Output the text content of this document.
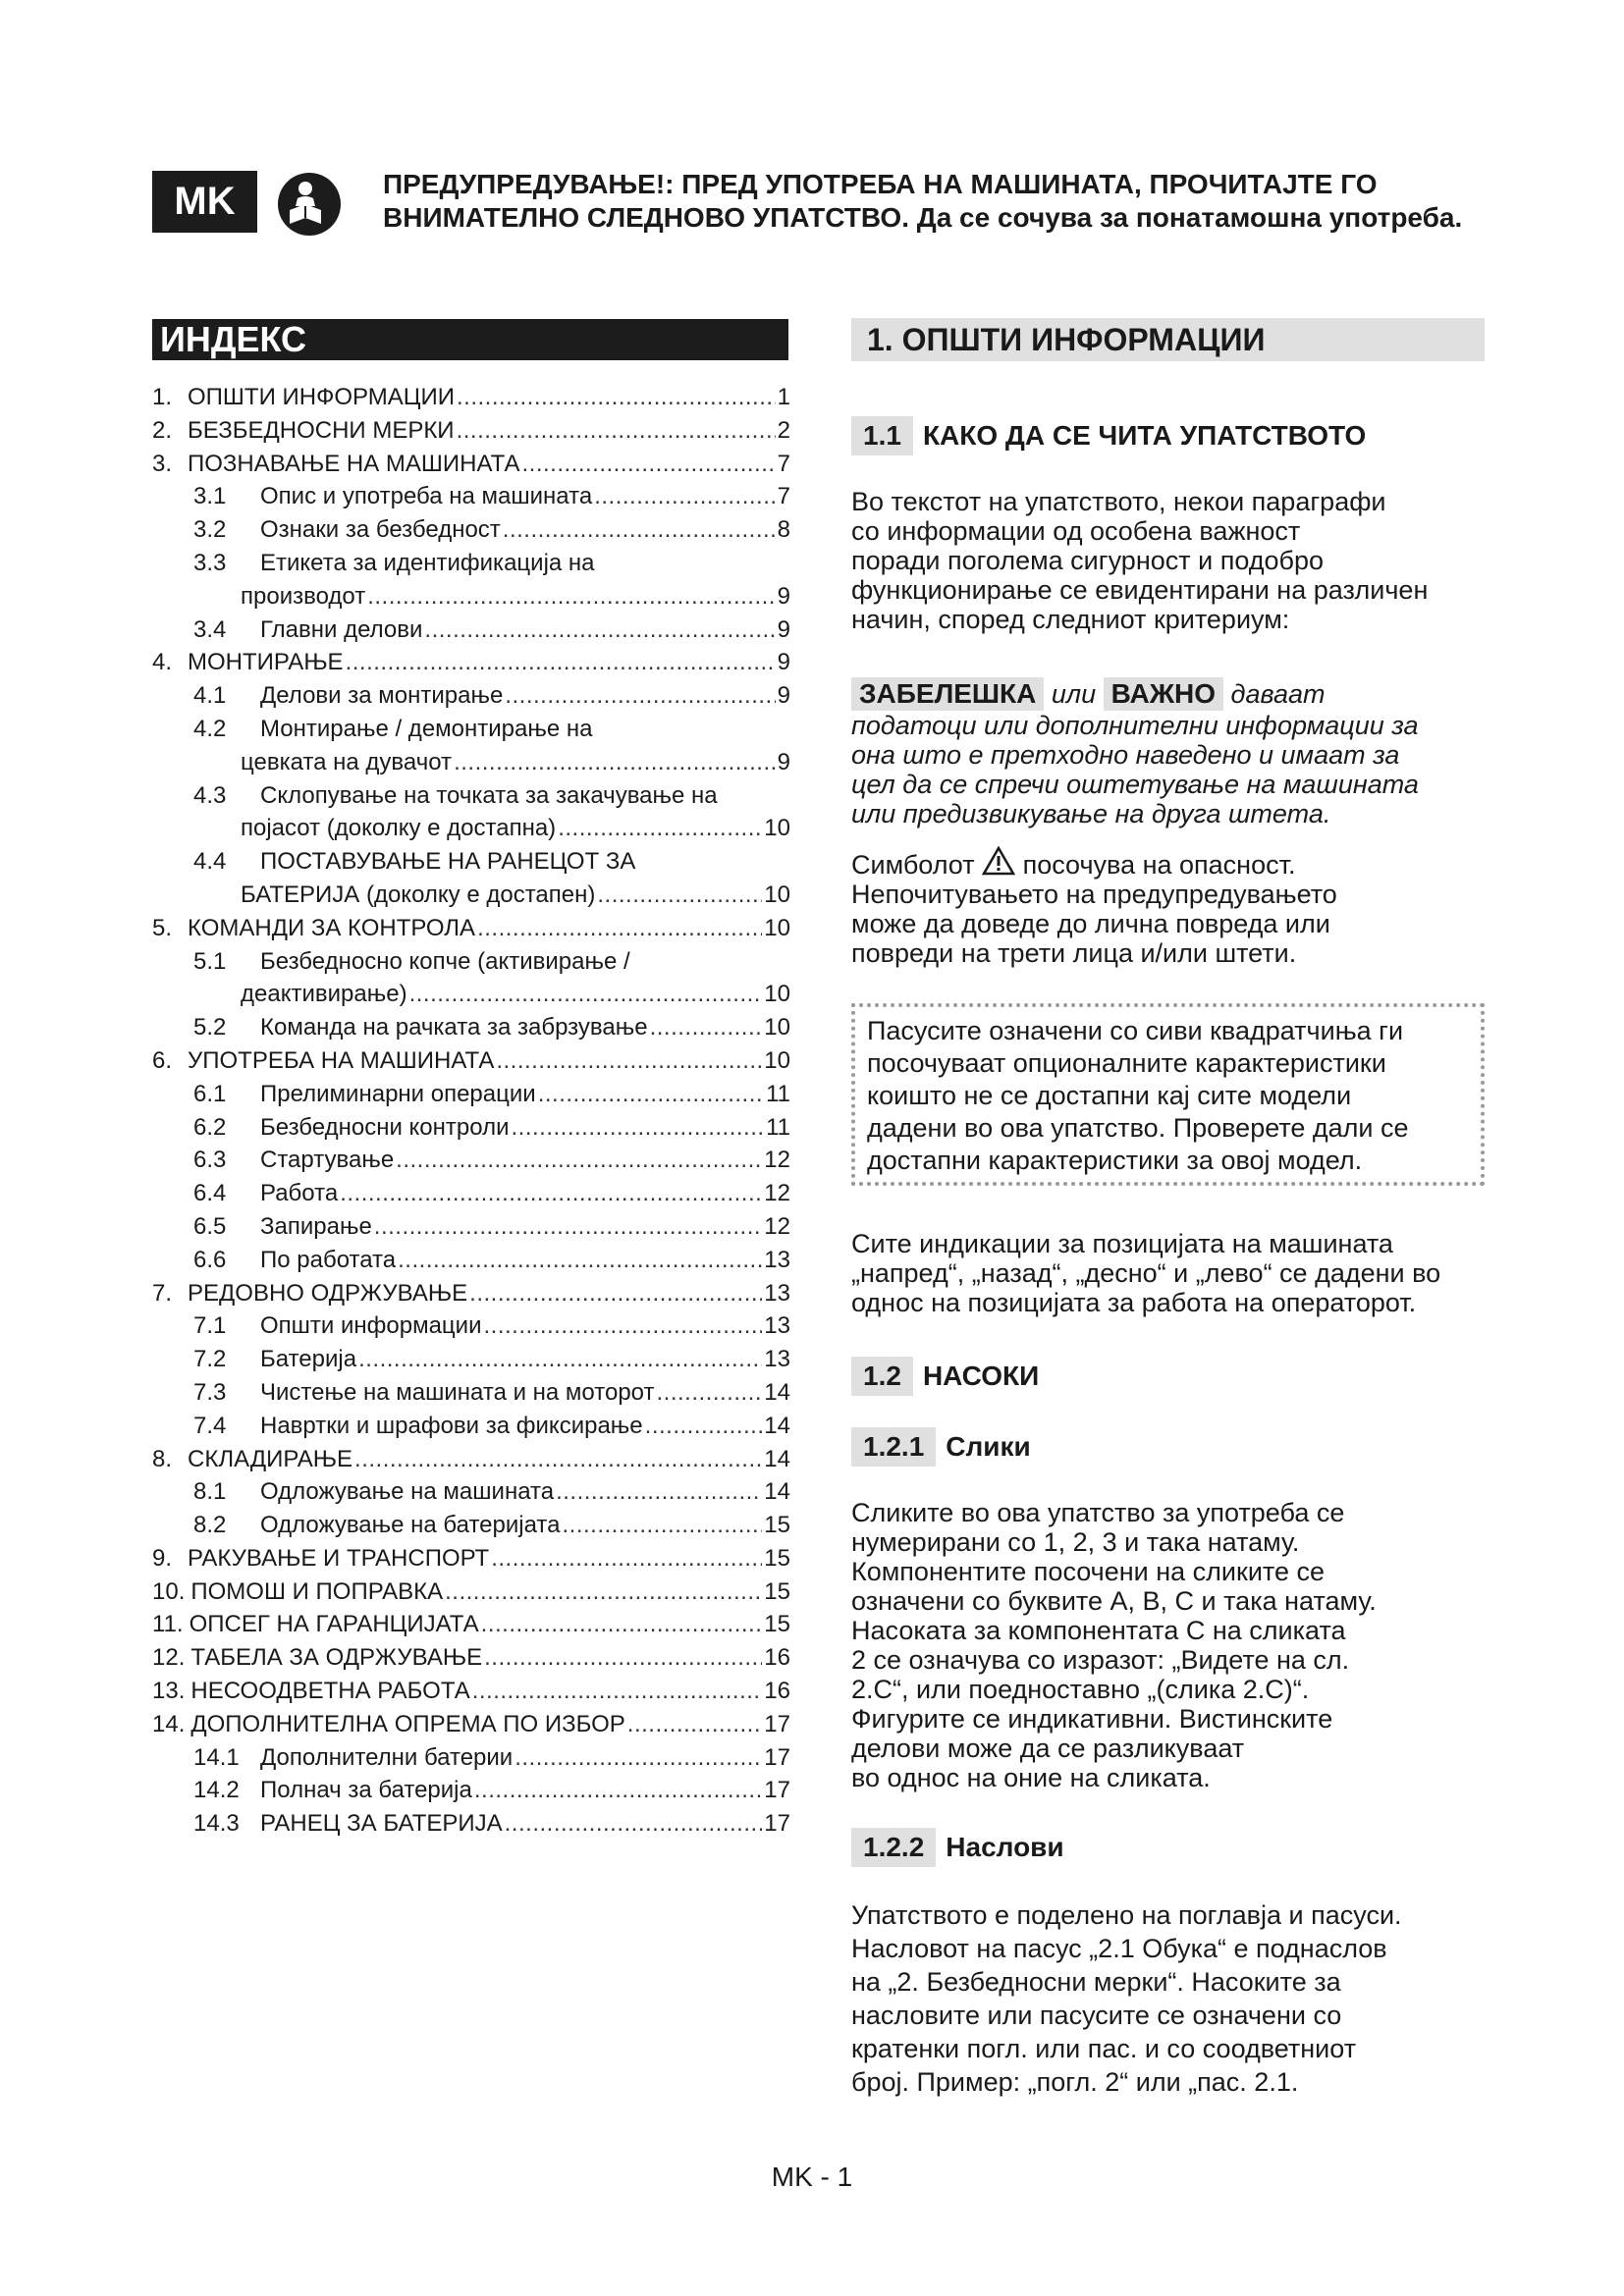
MK	ПРЕДУПРЕДУВАЊЕ!: ПРЕД УПОТРЕБА НА МАШИНАТА, ПРОЧИТАЈТЕ ГО
ВНИМАТЕЛНО СЛЕДНОВО УПАТСТВО. Да се сочува за понатамошна употреба.
ИНДЕКС
1. ОПШТИ ИНФОРМАЦИИ .....	1
2. БЕЗБЕДНОСНИ МЕРКИ .....	2
3. ПОЗНАВАЊЕ НА МАШИНАТА .....	7
3.1	Опис и употреба на машината .....	7
3.2	Ознаки за безбедност .....	8
3.3	Етикета за идентификација на
производот .....	9
3.4	Главни делови .....	9
4. МОНТИРАЊЕ .....	9
4.1	Делови за монтирање .....	9
4.2	Монтирање / демонтирање на
цевката на дувачот .....	9
4.3	Склопување на точката за закачување на
појасот (доколку е достапна) .....	10
4.4	ПОСТАВУВАЊЕ НА РАНЕЦОТ ЗА
БАТЕРИЈА (доколку е достапен) .....	10
5. КОМАНДИ ЗА КОНТРОЛА .....	10
5.1	Безбедносно копче (активирање /
деактивирање) .....	10
5.2	Команда на рачката за забрзување .....	10
6. УПОТРЕБА НА МАШИНАТА .....	10
6.1	Прелиминарни операции .....	11
6.2	Безбедносни контроли .....	11
6.3	Стартување .....	12
6.4	Работа .....	12
6.5	Запирање .....	12
6.6	По работата .....	13
7. РЕДОВНО ОДРЖУВАЊЕ .....	13
7.1	Општи информации .....	13
7.2	Батерија .....	13
7.3	Чистење на машината и на моторот .....	14
7.4	Навртки и шрафови за фиксирање .....	14
8. СКЛАДИРАЊЕ .....	14
8.1	Одложување на машината .....	14
8.2	Одложување на батеријата .....	15
9. РАКУВАЊЕ И ТРАНСПОРТ .....	15
10. ПОМОШ И ПОПРАВКА .....	15
11. ОПСЕГ НА ГАРАНЦИЈАТА .....	15
12. ТАБЕЛА ЗА ОДРЖУВАЊЕ .....	16
13. НЕСООДВЕТНА РАБОТА .....	16
14. ДОПОЛНИТЕЛНА ОПРЕМА ПО ИЗБОР .....	17
14.1 Дополнителни батерии .....	17
14.2 Полнач за батерија .....	17
14.3 РАНЕЦ ЗА БАТЕРИЈА .....	17
1. ОПШТИ ИНФОРМАЦИИ
1.1 КАКО ДА СЕ ЧИТА УПАТСТВОТО
Во текстот на упатството, некои параграфи
со информации од особена важност
поради поголема сигурност и подобро
функционирање се евидентирани на различен
начин, според следниот критериум:
ЗАБЕЛЕШКА или ВАЖНО даваат
податоци или дополнителни информации за
она што е претходно наведено и имаат за
цел да се спречи оштетување на машината
или предизвикување на друга штета.
Симболот посочува на опасност.
Непочитувањето на предупредувањето
може да доведе до лична повреда или
повреди на трети лица и/или штети.
Пасусите означени со сиви квадратчиња ги
посочуваат опционалните карактеристики
коишто не се достапни кај сите модели
дадени во ова упатство. Проверете дали се
достапни карактеристики за овој модел.
Сите индикации за позицијата на машината
„напред“, „назад“, „десно“ и „лево“ се дадени во
однос на позицијата за работа на операторот.
1.2 НАСОКИ
1.2.1 Слики
Сликите во ова упатство за употреба се
нумерирани со 1, 2, 3 и така натаму.
Компонентите посочени на сликите се
означени со буквите A, B, C и така натаму.
Насоката за компонентата C на сликата
2 се означува со изразот: „Видете на сл.
2.C“, или поедноставно „(слика 2.C)“.
Фигурите се индикативни. Вистинските
делови може да се разликуваат
во однос на оние на сликата.
1.2.2 Наслови
Упатството е поделено на поглавја и пасуси.
Насловот на пасус „2.1 Обука“ е поднаслов
на „2. Безбедносни мерки“. Насоките за
насловите или пасусите се означени со
кратенки погл. или пас. и со соодветниот
број. Пример: „погл. 2“ или „пас. 2.1.
MK - 1
